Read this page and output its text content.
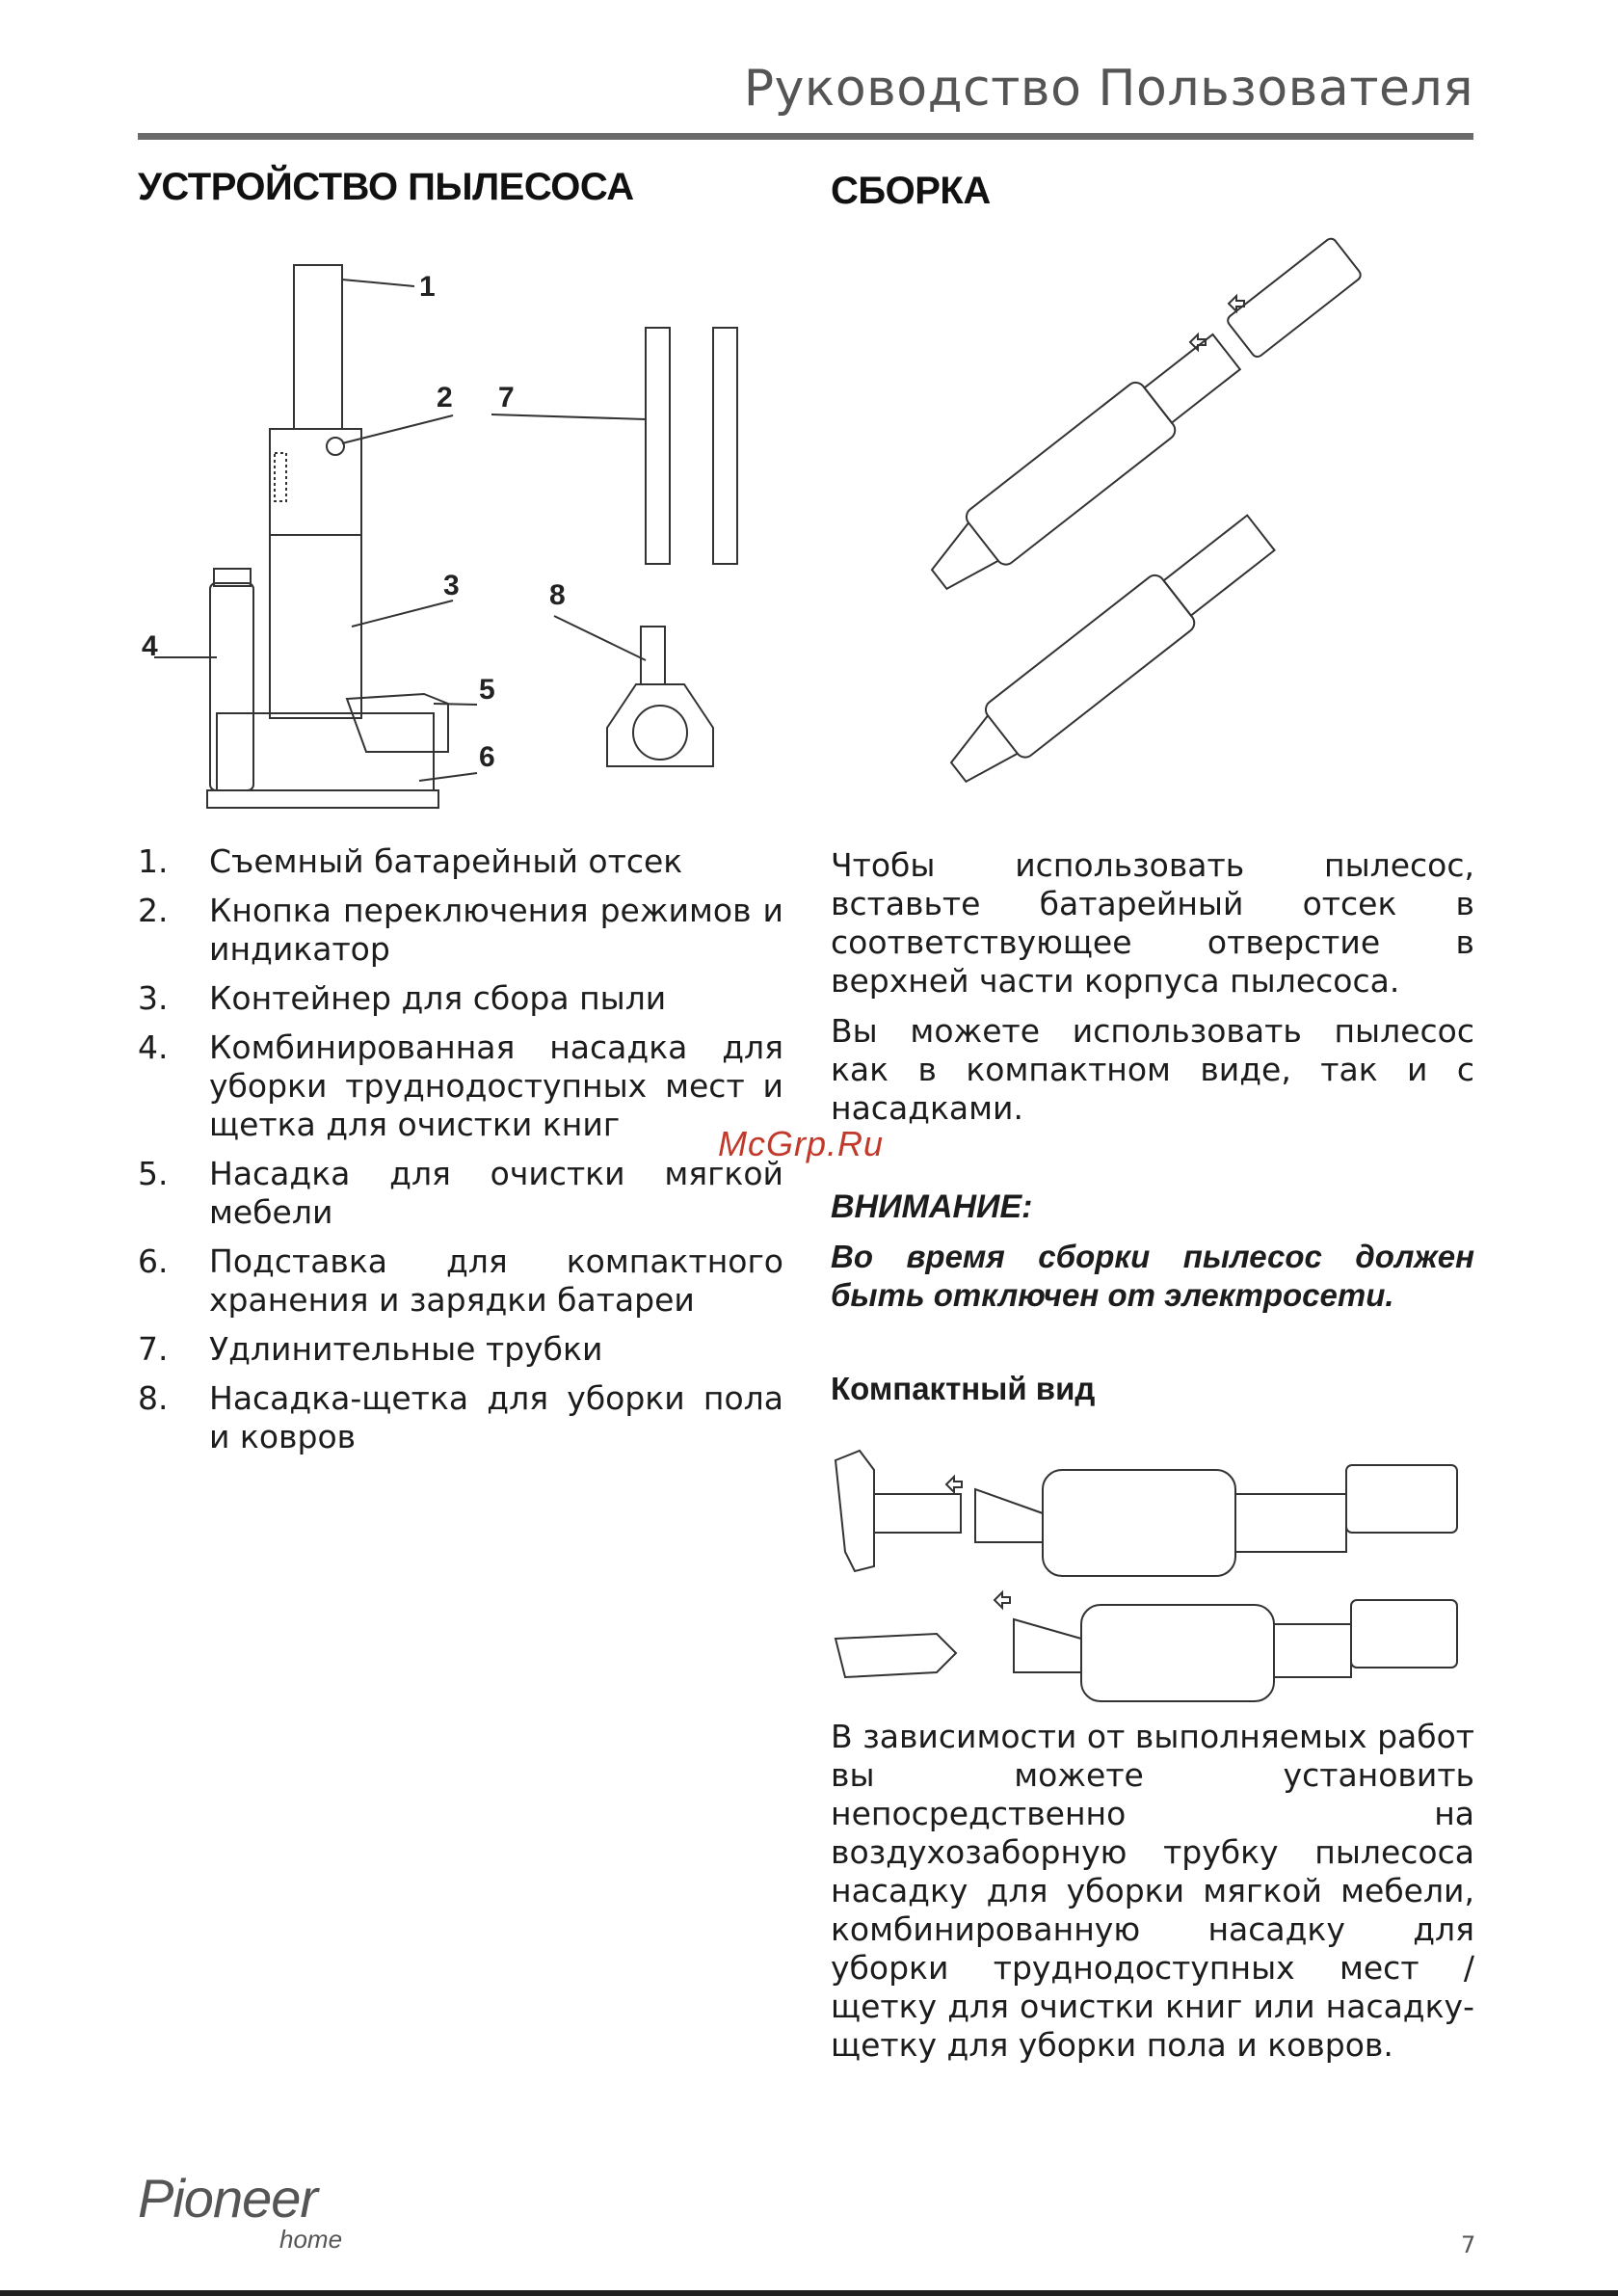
Руководство Пользователя
УСТРОЙСТВО ПЫЛЕСОСА
1
2
3
4
5
6
7
8
1.	Съемный батарейный отсек
2.	Кнопка переключения режимов и индикатор
3.	Контейнер для сбора пыли
4.	Комбинированная насадка для уборки труднодоступных мест и щетка для очистки книг
5.	Насадка для очистки мягкой мебели
6.	Подставка для компактного хранения и зарядки батареи
7.	Удлинительные трубки
8.	Насадка-щетка для уборки пола и ковров
СБОРКА

Чтобы использовать пылесос, вставьте батарейный отсек в соответствующее отверстие в верхней части корпуса пылесоса.

Вы можете использовать пылесос как в компактном виде, так и с насадками.

McGrp.Ru
ВНИМАНИЕ:
Во время сборки пылесос должен быть отключен от электросети.
Компактный вид

В зависимости от выполняемых работ вы можете установить непосредственно на воздухозаборную трубку пылесоса насадку для уборки мягкой мебели, комбинированную насадку для уборки труднодоступных мест / щетку для очистки книг или насадку-щетку для уборки пола и ковров.

Pioneer
home	7
